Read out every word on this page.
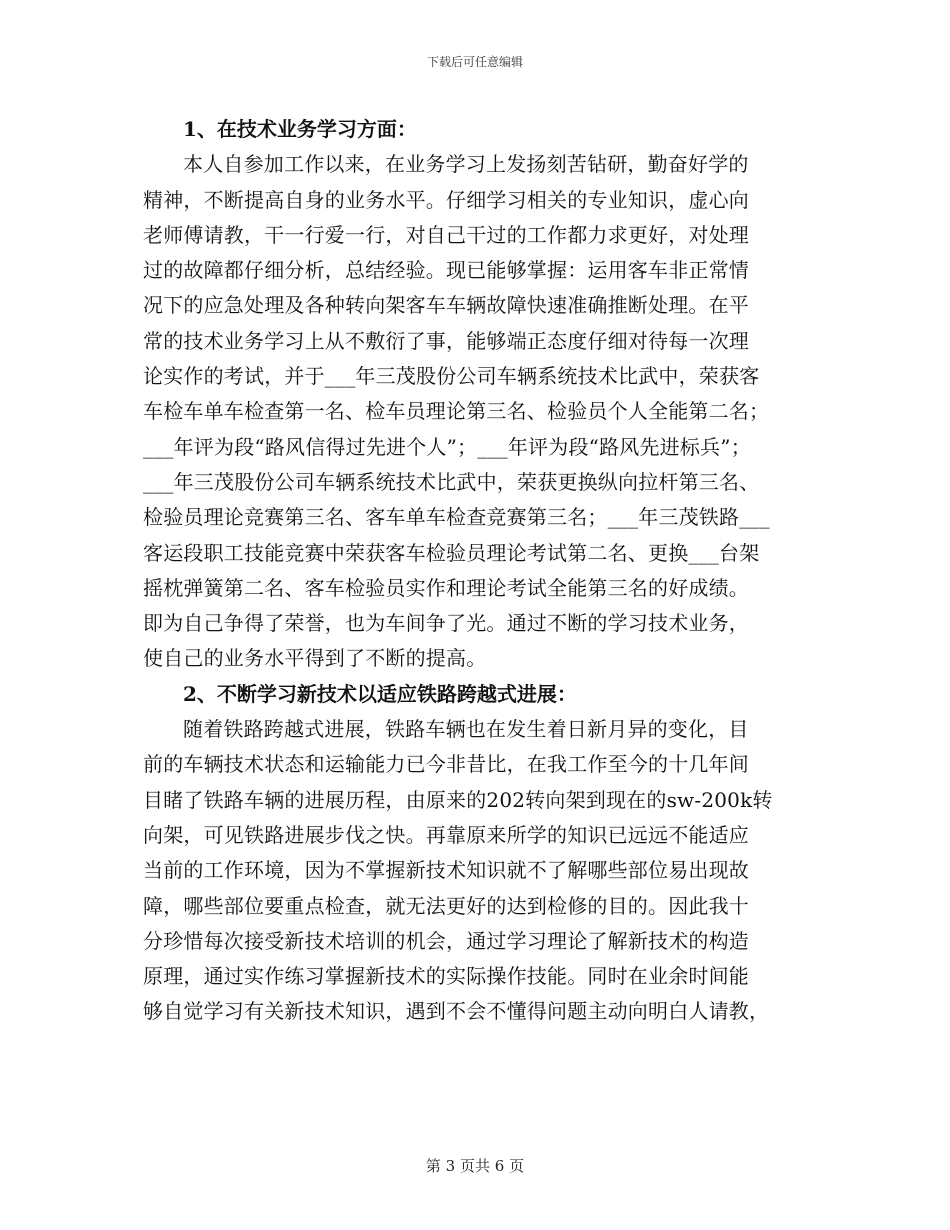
下载后可任意编辑

1、在技术业务学习方面：

本人自参加工作以来，在业务学习上发扬刻苦钻研，勤奋好学的

精神，不断提高自身的业务水平。仔细学习相关的专业知识，虚心向

老师傅请教，干一行爱一行，对自己干过的工作都力求更好，对处理

过的故障都仔细分析，总结经验。现已能够掌握：运用客车非正常情

况下的应急处理及各种转向架客车车辆故障快速准确推断处理。在平

常的技术业务学习上从不敷衍了事，能够端正态度仔细对待每一次理

论实作的考试，并于___年三茂股份公司车辆系统技术比武中，荣获客

车检车单车检查第一名、检车员理论第三名、检验员个人全能第二名；

___年评为段“路风信得过先进个人”；___年评为段“路风先进标兵”；

___年三茂股份公司车辆系统技术比武中，荣获更换纵向拉杆第三名、

检验员理论竞赛第三名、客车单车检查竞赛第三名；___年三茂铁路___

客运段职工技能竞赛中荣获客车检验员理论考试第二名、更换___台架

摇枕弹簧第二名、客车检验员实作和理论考试全能第三名的好成绩。

即为自己争得了荣誉，也为车间争了光。通过不断的学习技术业务，

使自己的业务水平得到了不断的提高。

2、不断学习新技术以适应铁路跨越式进展：

随着铁路跨越式进展，铁路车辆也在发生着日新月异的变化，目

前的车辆技术状态和运输能力已今非昔比，在我工作至今的十几年间

目睹了铁路车辆的进展历程，由原来的202转向架到现在的sw-200k转

向架，可见铁路进展步伐之快。再靠原来所学的知识已远远不能适应

当前的工作环境，因为不掌握新技术知识就不了解哪些部位易出现故

障，哪些部位要重点检查，就无法更好的达到检修的目的。因此我十

分珍惜每次接受新技术培训的机会，通过学习理论了解新技术的构造

原理，通过实作练习掌握新技术的实际操作技能。同时在业余时间能

够自觉学习有关新技术知识，遇到不会不懂得问题主动向明白人请教，

第 3 页共 6 页
